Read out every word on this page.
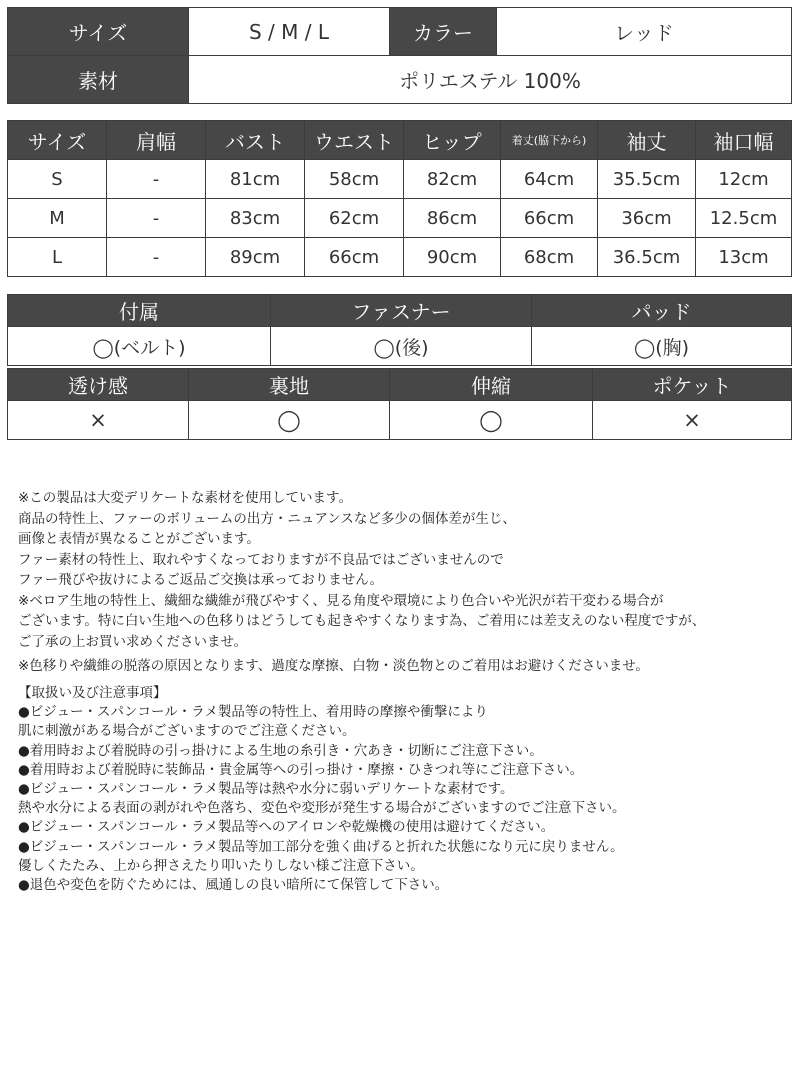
サイズ	S / M / L	カラー	レッド
素材	ポリエステル 100%		
サイズ	肩幅	バスト	ウエスト	ヒップ	着丈(脇下から)	袖丈	袖口幅
S	-	81cm	58cm	82cm	64cm	35.5cm	12cm
M	-	83cm	62cm	86cm	66cm	36cm	12.5cm
L	-	89cm	66cm	90cm	68cm	36.5cm	13cm
付属	ファスナー	パッド
◯(ベルト)	◯(後)	◯(胸)
透け感	裏地	伸縮	ポケット
×	◯	◯	×
※この製品は大変デリケートな素材を使用しています。
商品の特性上、ファーのボリュームの出方・ニュアンスなど多少の個体差が生じ、
画像と表情が異なることがございます。
ファー素材の特性上、取れやすくなっておりますが不良品ではございませんので
ファー飛びや抜けによるご返品ご交換は承っておりません。
※ベロア生地の特性上、繊細な繊維が飛びやすく、見る角度や環境により色合いや光沢が若干変わる場合が
ございます。特に白い生地への色移りはどうしても起きやすくなります為、ご着用には差支えのない程度ですが、
ご了承の上お買い求めくださいませ。
※色移りや繊維の脱落の原因となります、過度な摩擦、白物・淡色物とのご着用はお避けくださいませ。
【取扱い及び注意事項】
●ビジュー・スパンコール・ラメ製品等の特性上、着用時の摩擦や衝撃により
肌に刺激がある場合がございますのでご注意ください。
●着用時および着脱時の引っ掛けによる生地の糸引き・穴あき・切断にご注意下さい。
●着用時および着脱時に装飾品・貴金属等への引っ掛け・摩擦・ひきつれ等にご注意下さい。
●ビジュー・スパンコール・ラメ製品等は熱や水分に弱いデリケートな素材です。
熱や水分による表面の剥がれや色落ち、変色や変形が発生する場合がございますのでご注意下さい。
●ビジュー・スパンコール・ラメ製品等へのアイロンや乾燥機の使用は避けてください。
●ビジュー・スパンコール・ラメ製品等加工部分を強く曲げると折れた状態になり元に戻りません。
優しくたたみ、上から押さえたり叩いたりしない様ご注意下さい。
●退色や変色を防ぐためには、風通しの良い暗所にて保管して下さい。
